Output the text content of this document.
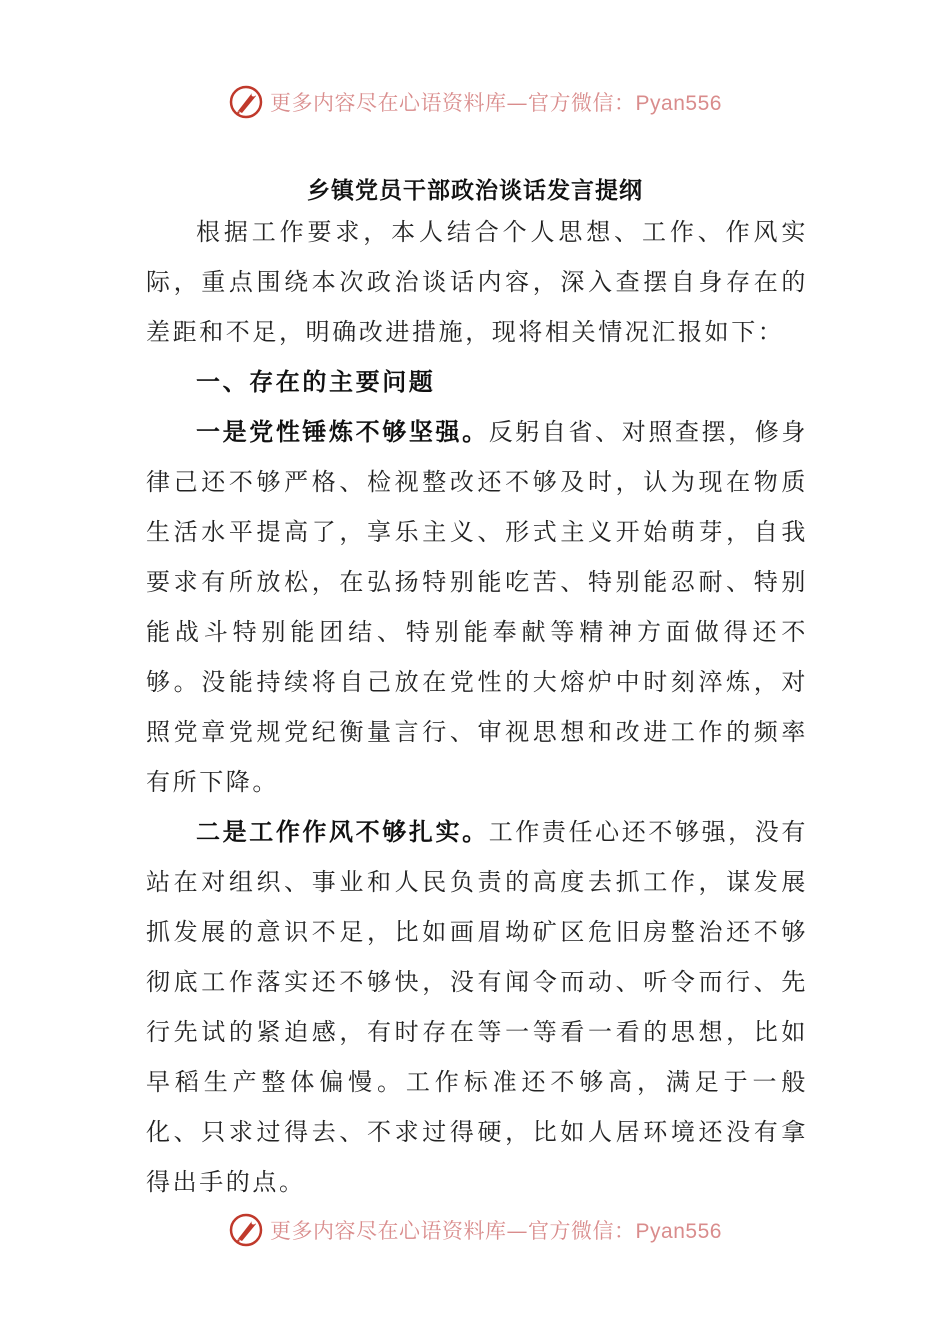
更多内容尽在心语资料库—官方微信：Pyan556
乡镇党员干部政治谈话发言提纲

根据工作要求，本人结合个人思想、工作、作风实际，重点围绕本次政治谈话内容，深入查摆自身存在的差距和不足，明确改进措施，现将相关情况汇报如下：

一、存在的主要问题

一是党性锤炼不够坚强。反躬自省、对照查摆，修身律己还不够严格、检视整改还不够及时，认为现在物质生活水平提高了，享乐主义、形式主义开始萌芽，自我要求有所放松，在弘扬特别能吃苦、特别能忍耐、特别能战斗特别能团结、特别能奉献等精神方面做得还不够。没能持续将自己放在党性的大熔炉中时刻淬炼，对照党章党规党纪衡量言行、审视思想和改进工作的频率有所下降。

二是工作作风不够扎实。工作责任心还不够强，没有站在对组织、事业和人民负责的高度去抓工作，谋发展抓发展的意识不足，比如画眉坳矿区危旧房整治还不够彻底工作落实还不够快，没有闻令而动、听令而行、先行先试的紧迫感，有时存在等一等看一看的思想，比如早稻生产整体偏慢。工作标准还不够高，满足于一般化、只求过得去、不求过得硬，比如人居环境还没有拿得出手的点。

更多内容尽在心语资料库—官方微信：Pyan556
